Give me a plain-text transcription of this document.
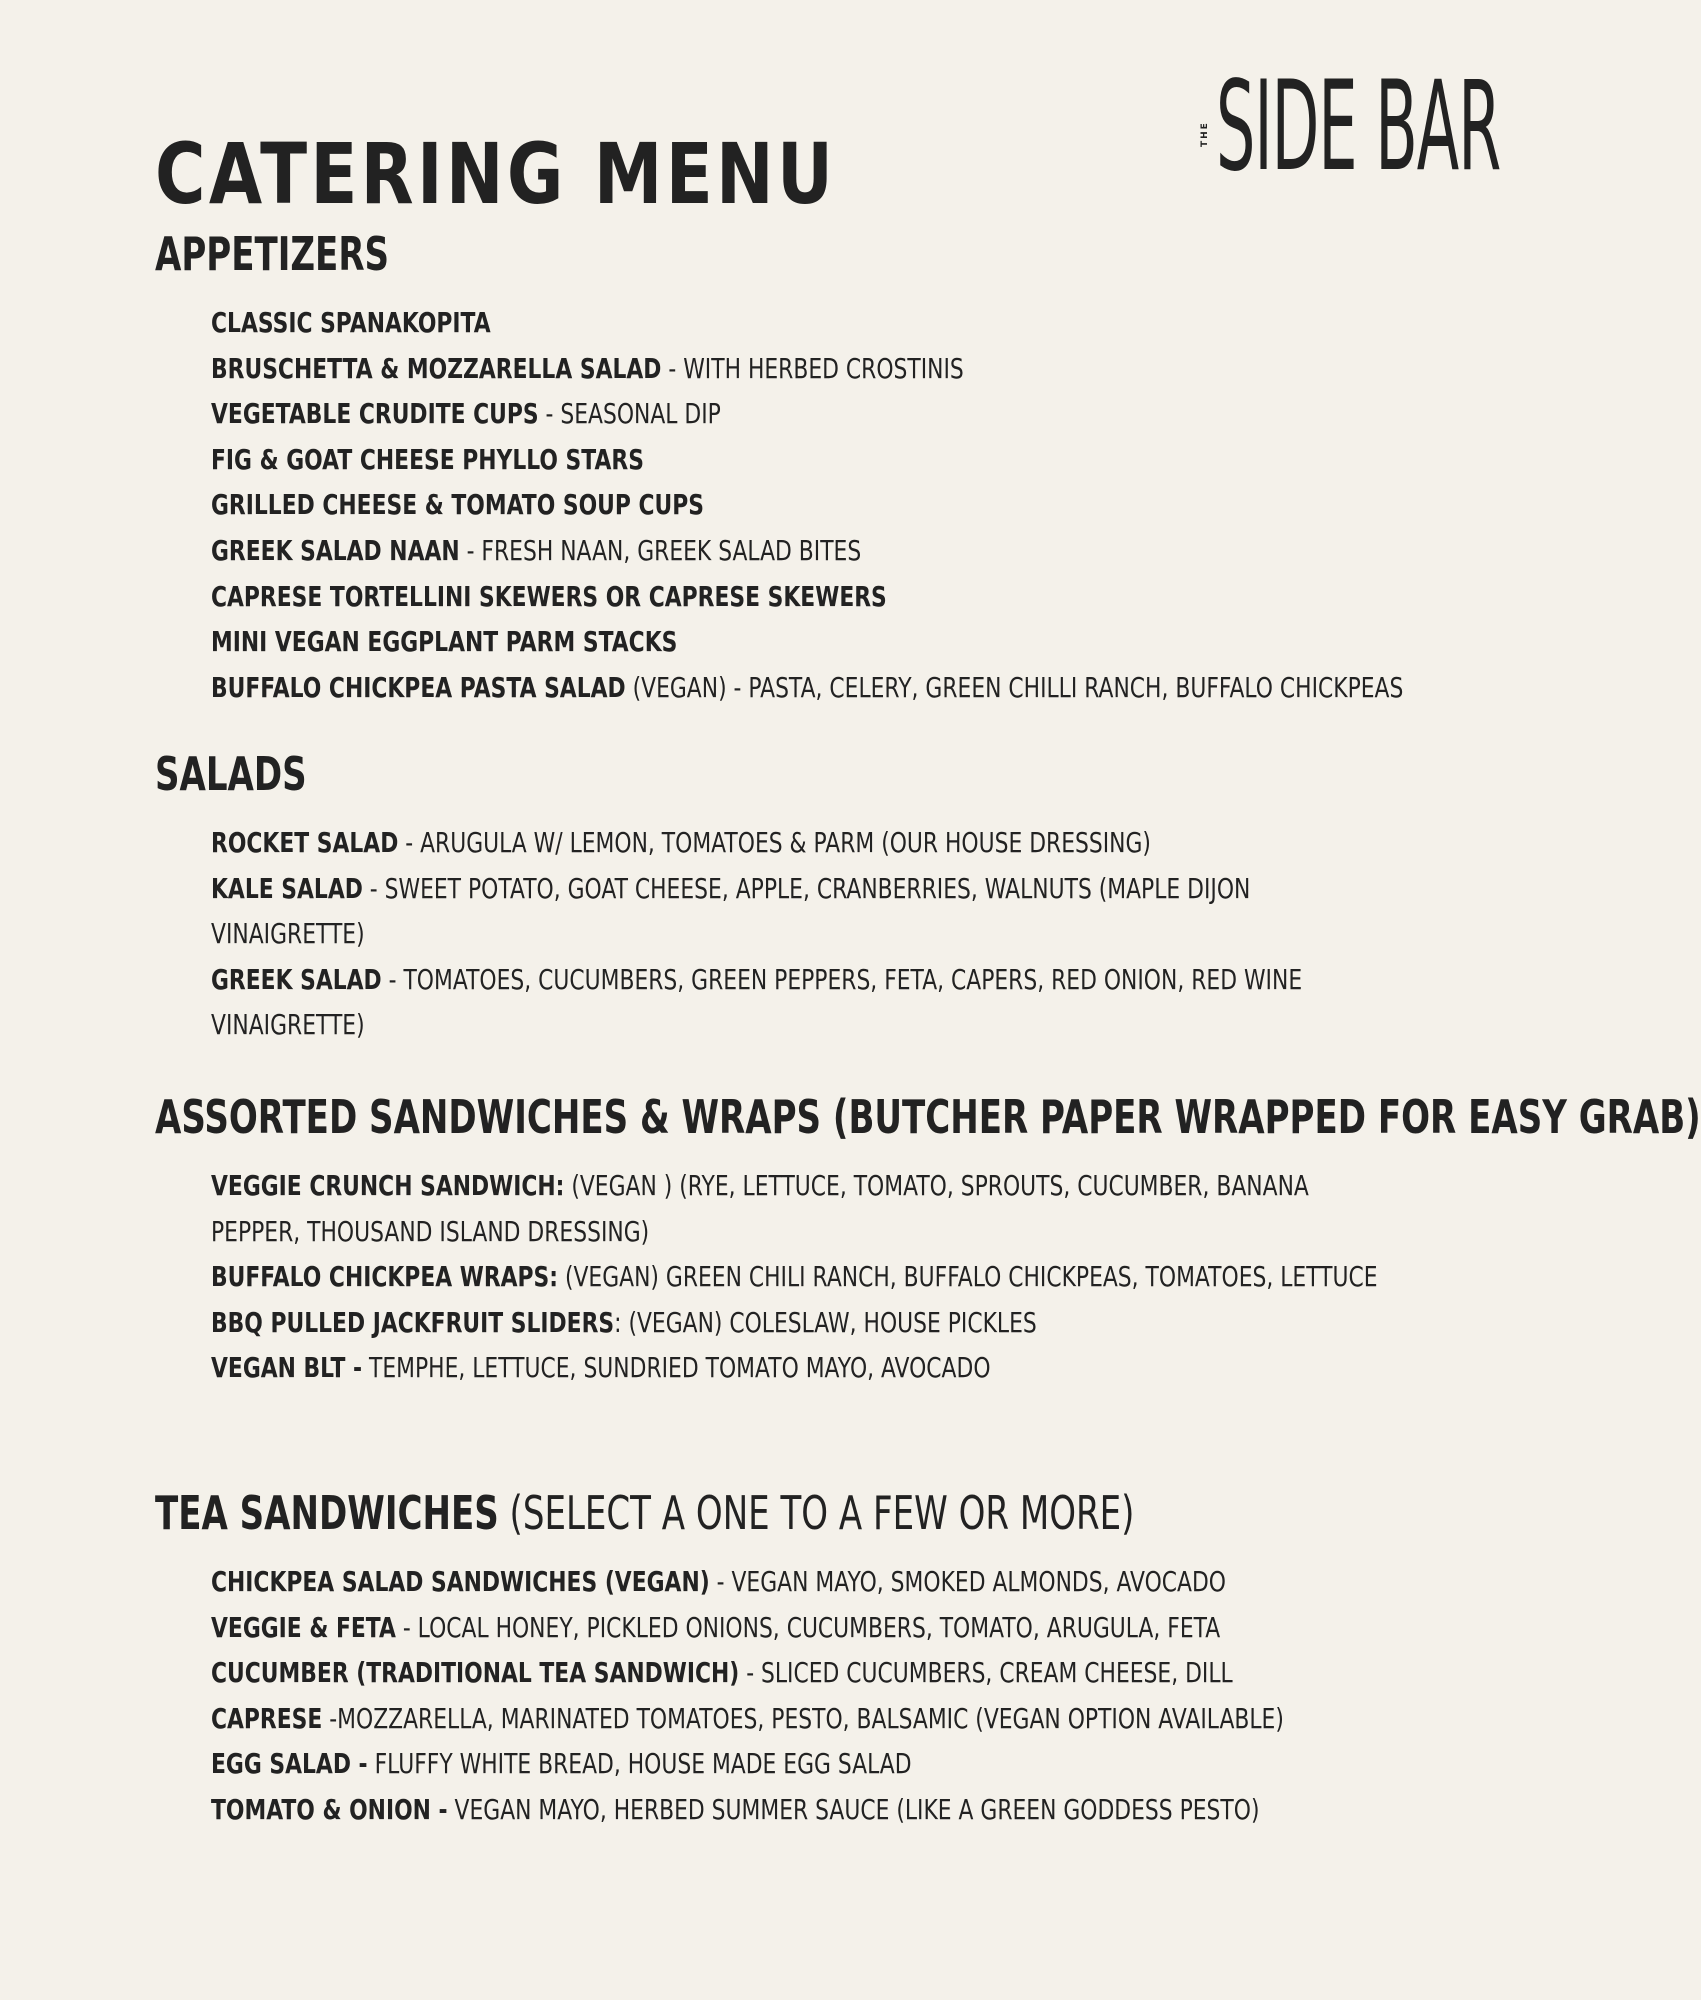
CATERING MENU	THE SIDE BAR
APPETIZERS
CLASSIC SPANAKOPITA
BRUSCHETTA & MOZZARELLA SALAD - WITH HERBED CROSTINIS
VEGETABLE CRUDITE CUPS - SEASONAL DIP
FIG & GOAT CHEESE PHYLLO STARS
GRILLED CHEESE & TOMATO SOUP CUPS
GREEK SALAD NAAN - FRESH NAAN, GREEK SALAD BITES
CAPRESE TORTELLINI SKEWERS OR CAPRESE SKEWERS
MINI VEGAN EGGPLANT PARM STACKS
BUFFALO CHICKPEA PASTA SALAD (VEGAN) - PASTA, CELERY, GREEN CHILLI RANCH, BUFFALO CHICKPEAS
SALADS
ROCKET SALAD - ARUGULA W/ LEMON, TOMATOES & PARM (OUR HOUSE DRESSING)
KALE SALAD - SWEET POTATO, GOAT CHEESE, APPLE, CRANBERRIES, WALNUTS (MAPLE DIJON VINAIGRETTE)
GREEK SALAD - TOMATOES, CUCUMBERS, GREEN PEPPERS, FETA, CAPERS, RED ONION, RED WINE VINAIGRETTE)
ASSORTED SANDWICHES & WRAPS (BUTCHER PAPER WRAPPED FOR EASY GRAB)
VEGGIE CRUNCH SANDWICH: (VEGAN ) (RYE, LETTUCE, TOMATO, SPROUTS, CUCUMBER, BANANA PEPPER, THOUSAND ISLAND DRESSING)
BUFFALO CHICKPEA WRAPS: (VEGAN) GREEN CHILI RANCH, BUFFALO CHICKPEAS, TOMATOES, LETTUCE
BBQ PULLED JACKFRUIT SLIDERS: (VEGAN) COLESLAW, HOUSE PICKLES
VEGAN BLT - TEMPHE, LETTUCE, SUNDRIED TOMATO MAYO, AVOCADO
TEA SANDWICHES (SELECT A ONE TO A FEW OR MORE)
CHICKPEA SALAD SANDWICHES (VEGAN) - VEGAN MAYO, SMOKED ALMONDS, AVOCADO
VEGGIE & FETA - LOCAL HONEY, PICKLED ONIONS, CUCUMBERS, TOMATO, ARUGULA, FETA
CUCUMBER (TRADITIONAL TEA SANDWICH) - SLICED CUCUMBERS, CREAM CHEESE, DILL
CAPRESE -MOZZARELLA, MARINATED TOMATOES, PESTO, BALSAMIC (VEGAN OPTION AVAILABLE)
EGG SALAD - FLUFFY WHITE BREAD, HOUSE MADE EGG SALAD
TOMATO & ONION - VEGAN MAYO, HERBED SUMMER SAUCE (LIKE A GREEN GODDESS PESTO)
